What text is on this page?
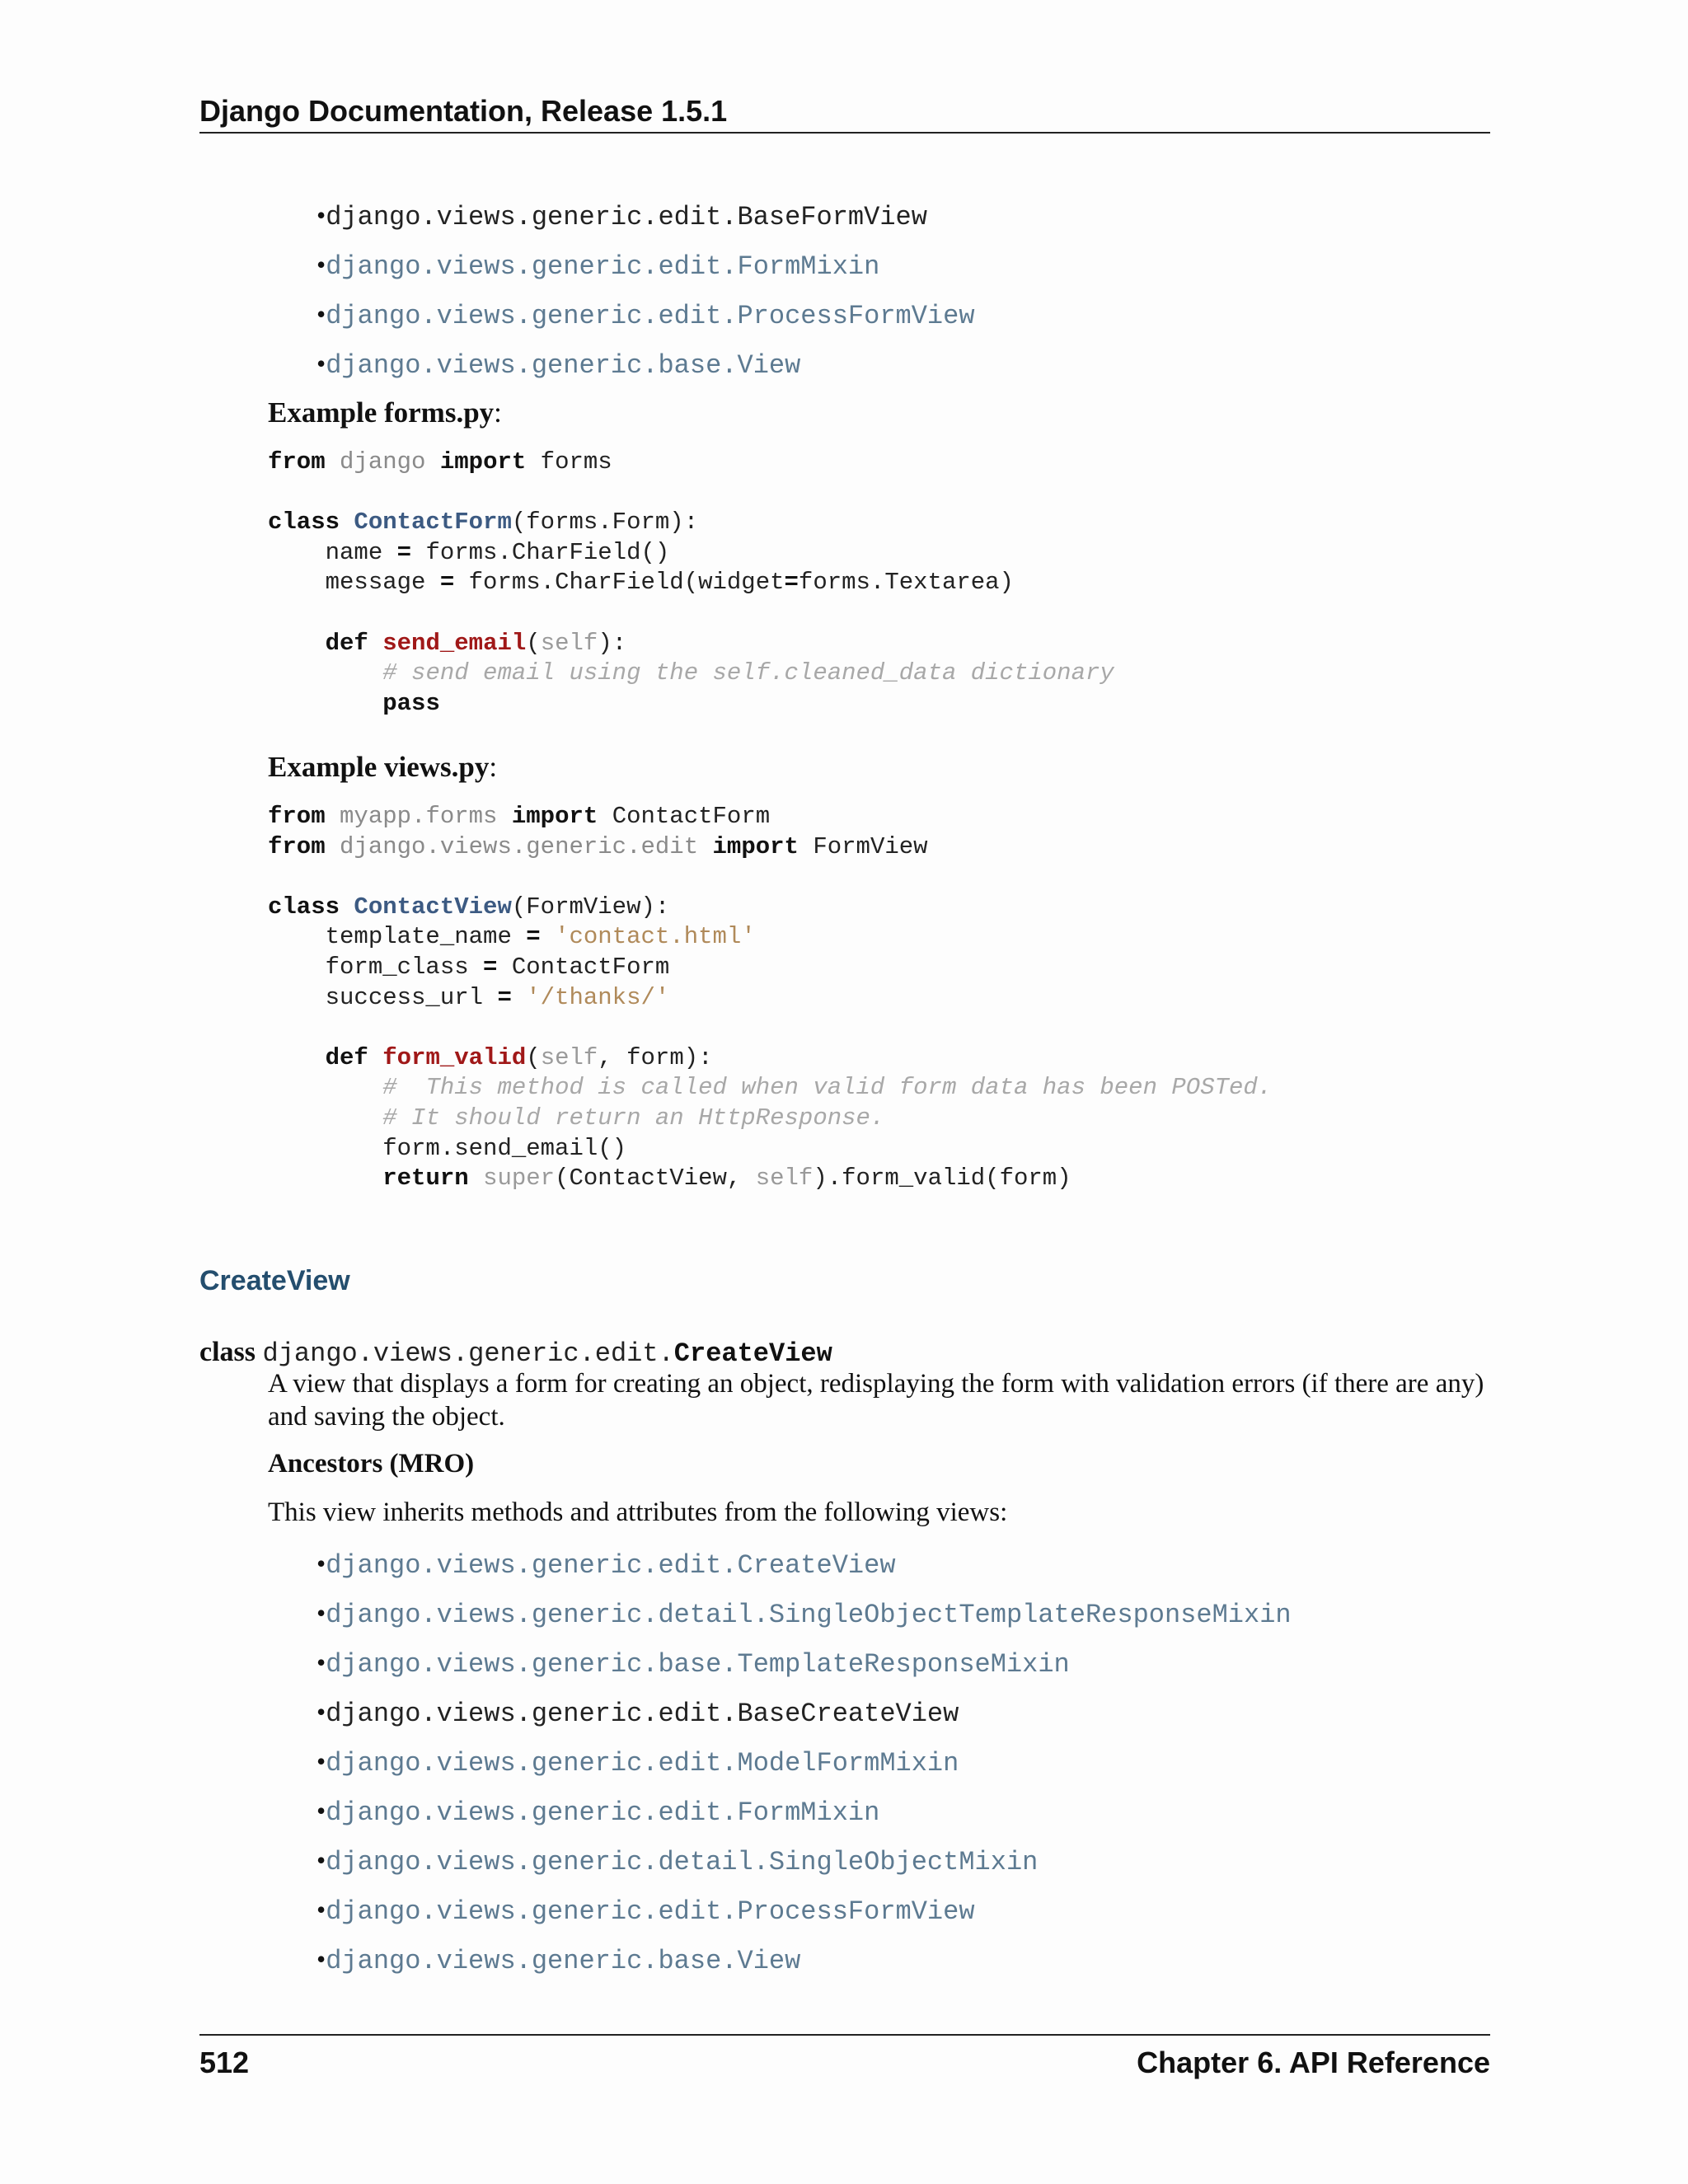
Django Documentation, Release 1.5.1
•django.views.generic.edit.BaseFormView
•django.views.generic.edit.FormMixin
•django.views.generic.edit.ProcessFormView
•django.views.generic.base.View
Example forms.py:
from django import forms

class ContactForm(forms.Form):
name = forms.CharField()
message = forms.CharField(widget=forms.Textarea)

def send_email(self):
# send email using the self.cleaned_data dictionary
pass
Example views.py:
from myapp.forms import ContactForm
from django.views.generic.edit import FormView

class ContactView(FormView):
template_name = 'contact.html'
form_class = ContactForm
success_url = '/thanks/'

def form_valid(self, form):
#  This method is called when valid form data has been POSTed.
# It should return an HttpResponse.
form.send_email()
return super(ContactView, self).form_valid(form)
CreateView
class django.views.generic.edit.CreateView
A view that displays a form for creating an object, redisplaying the form with validation errors (if there are any) and saving the object.
Ancestors (MRO)
This view inherits methods and attributes from the following views:
•django.views.generic.edit.CreateView
•django.views.generic.detail.SingleObjectTemplateResponseMixin
•django.views.generic.base.TemplateResponseMixin
•django.views.generic.edit.BaseCreateView
•django.views.generic.edit.ModelFormMixin
•django.views.generic.edit.FormMixin
•django.views.generic.detail.SingleObjectMixin
•django.views.generic.edit.ProcessFormView
•django.views.generic.base.View
512	Chapter 6. API Reference
